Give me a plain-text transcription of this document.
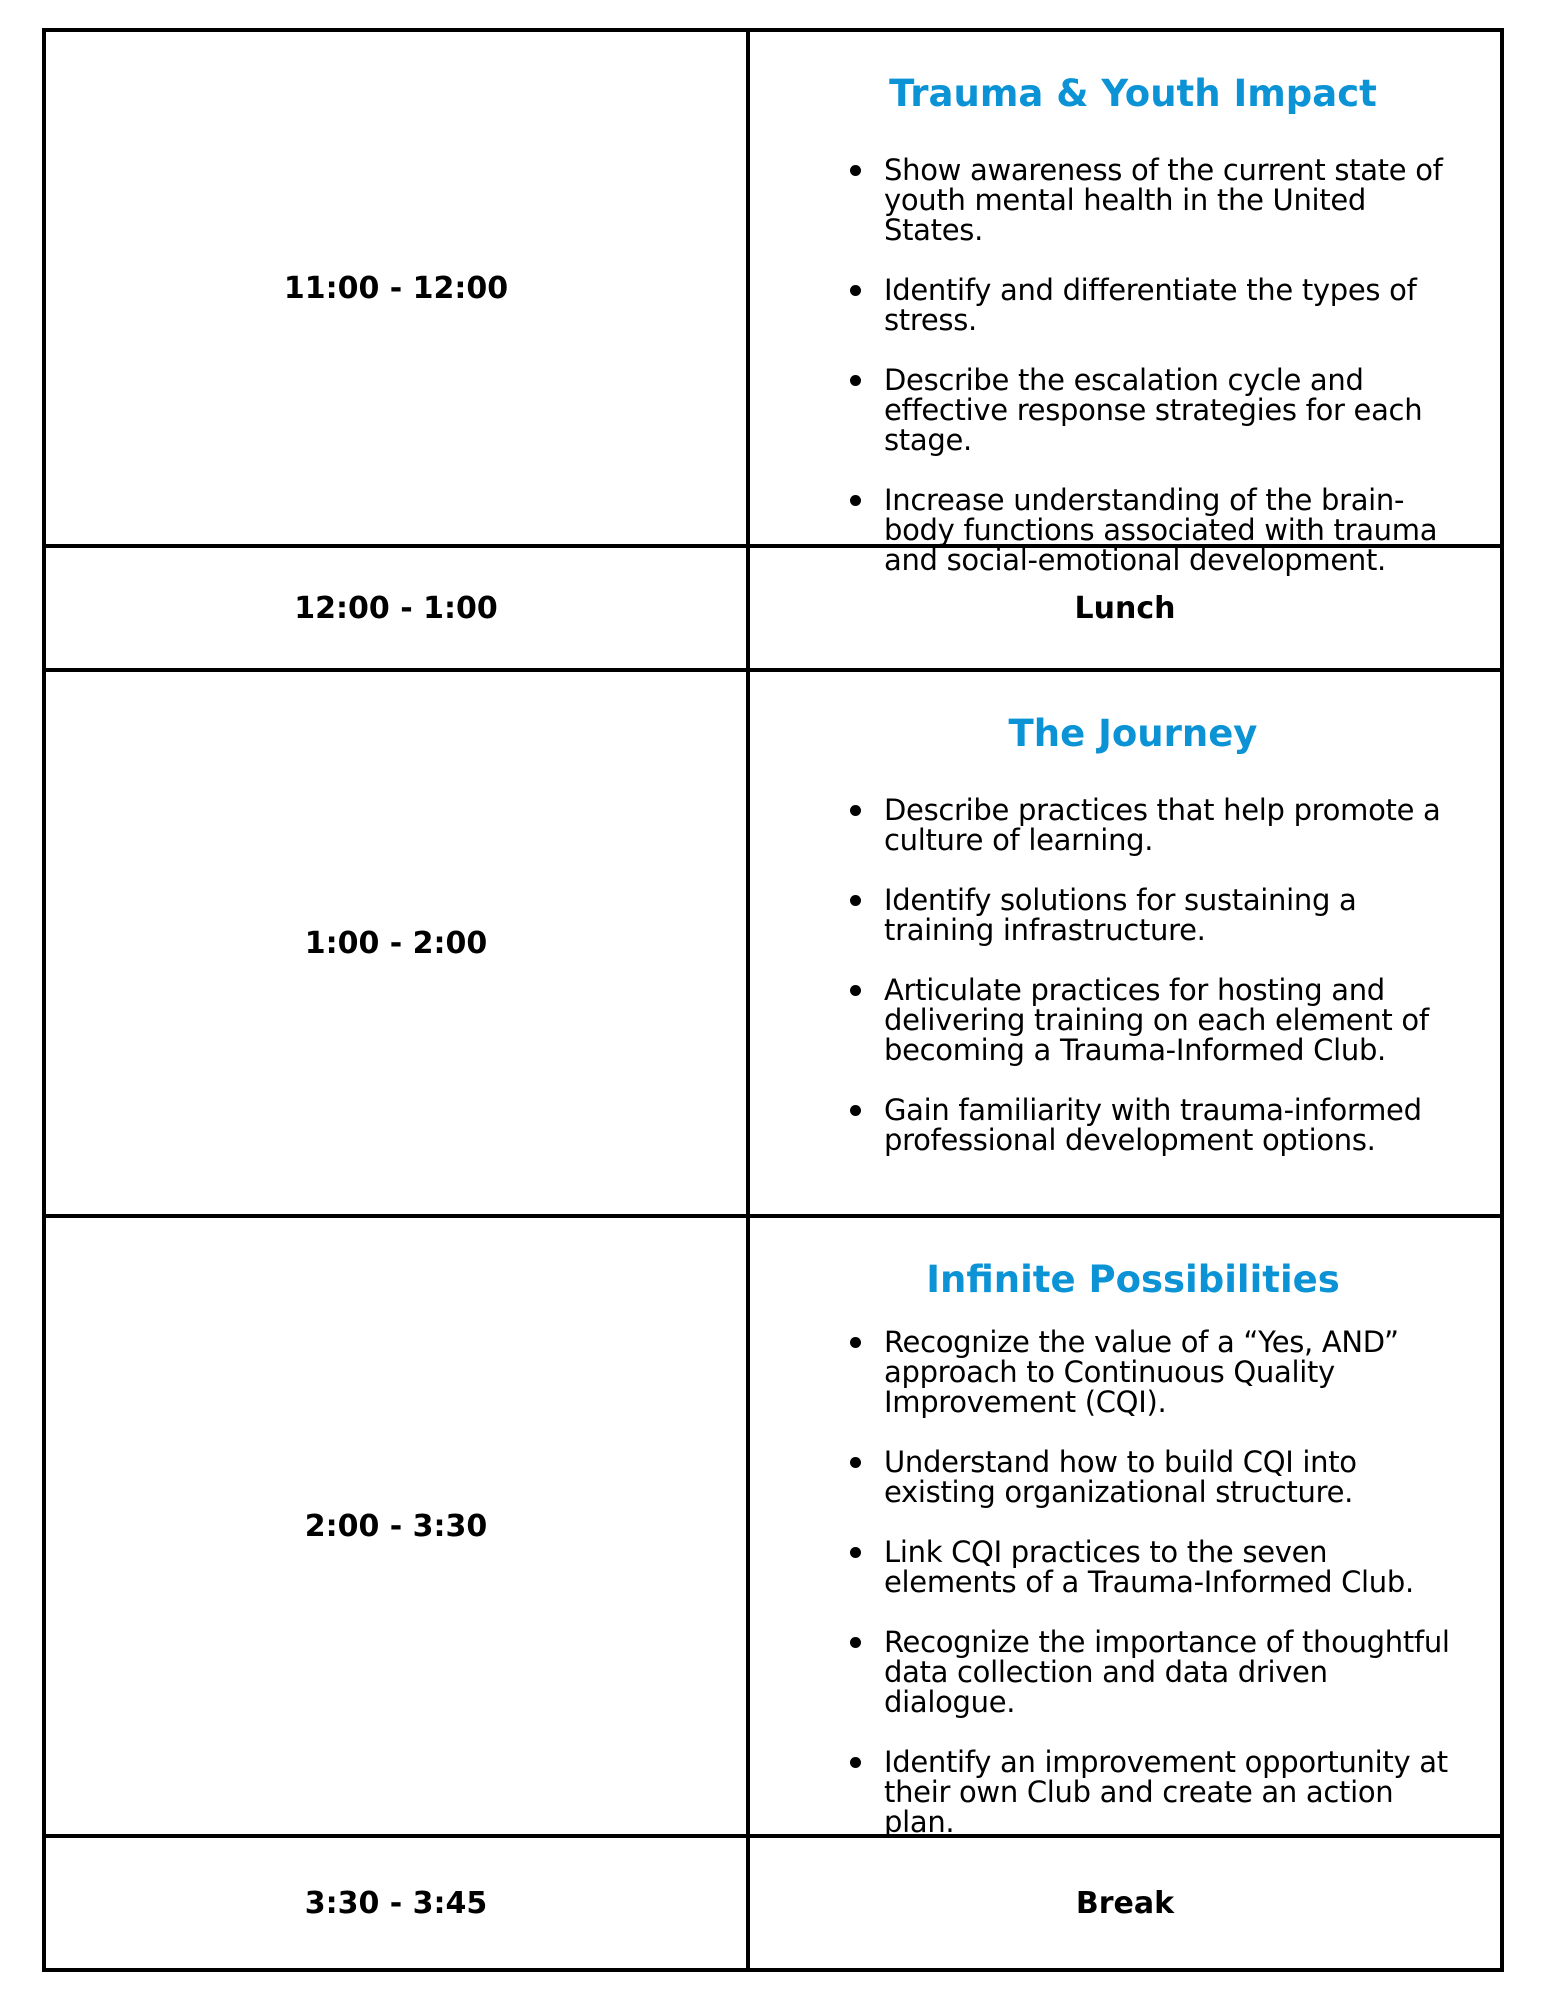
11:00 - 12:00
Trauma & Youth Impact
Show awareness of the current state of youth mental health in the United States.
Identify and differentiate the types of stress.
Describe the escalation cycle and effective response strategies for each stage.
Increase understanding of the brain-body functions associated with trauma and social-emotional development.
12:00 - 1:00	Lunch
1:00 - 2:00
The Journey
Describe practices that help promote a culture of learning.
Identify solutions for sustaining a training infrastructure.
Articulate practices for hosting and delivering training on each element of becoming a Trauma-Informed Club.
Gain familiarity with trauma-informed professional development options.
2:00 - 3:30
Infinite Possibilities
Recognize the value of a “Yes, AND” approach to Continuous Quality Improvement (CQI).
Understand how to build CQI into existing organizational structure.
Link CQI practices to the seven elements of a Trauma-Informed Club.
Recognize the importance of thoughtful data collection and data driven dialogue.
Identify an improvement opportunity at their own Club and create an action plan.
3:30 - 3:45	Break
